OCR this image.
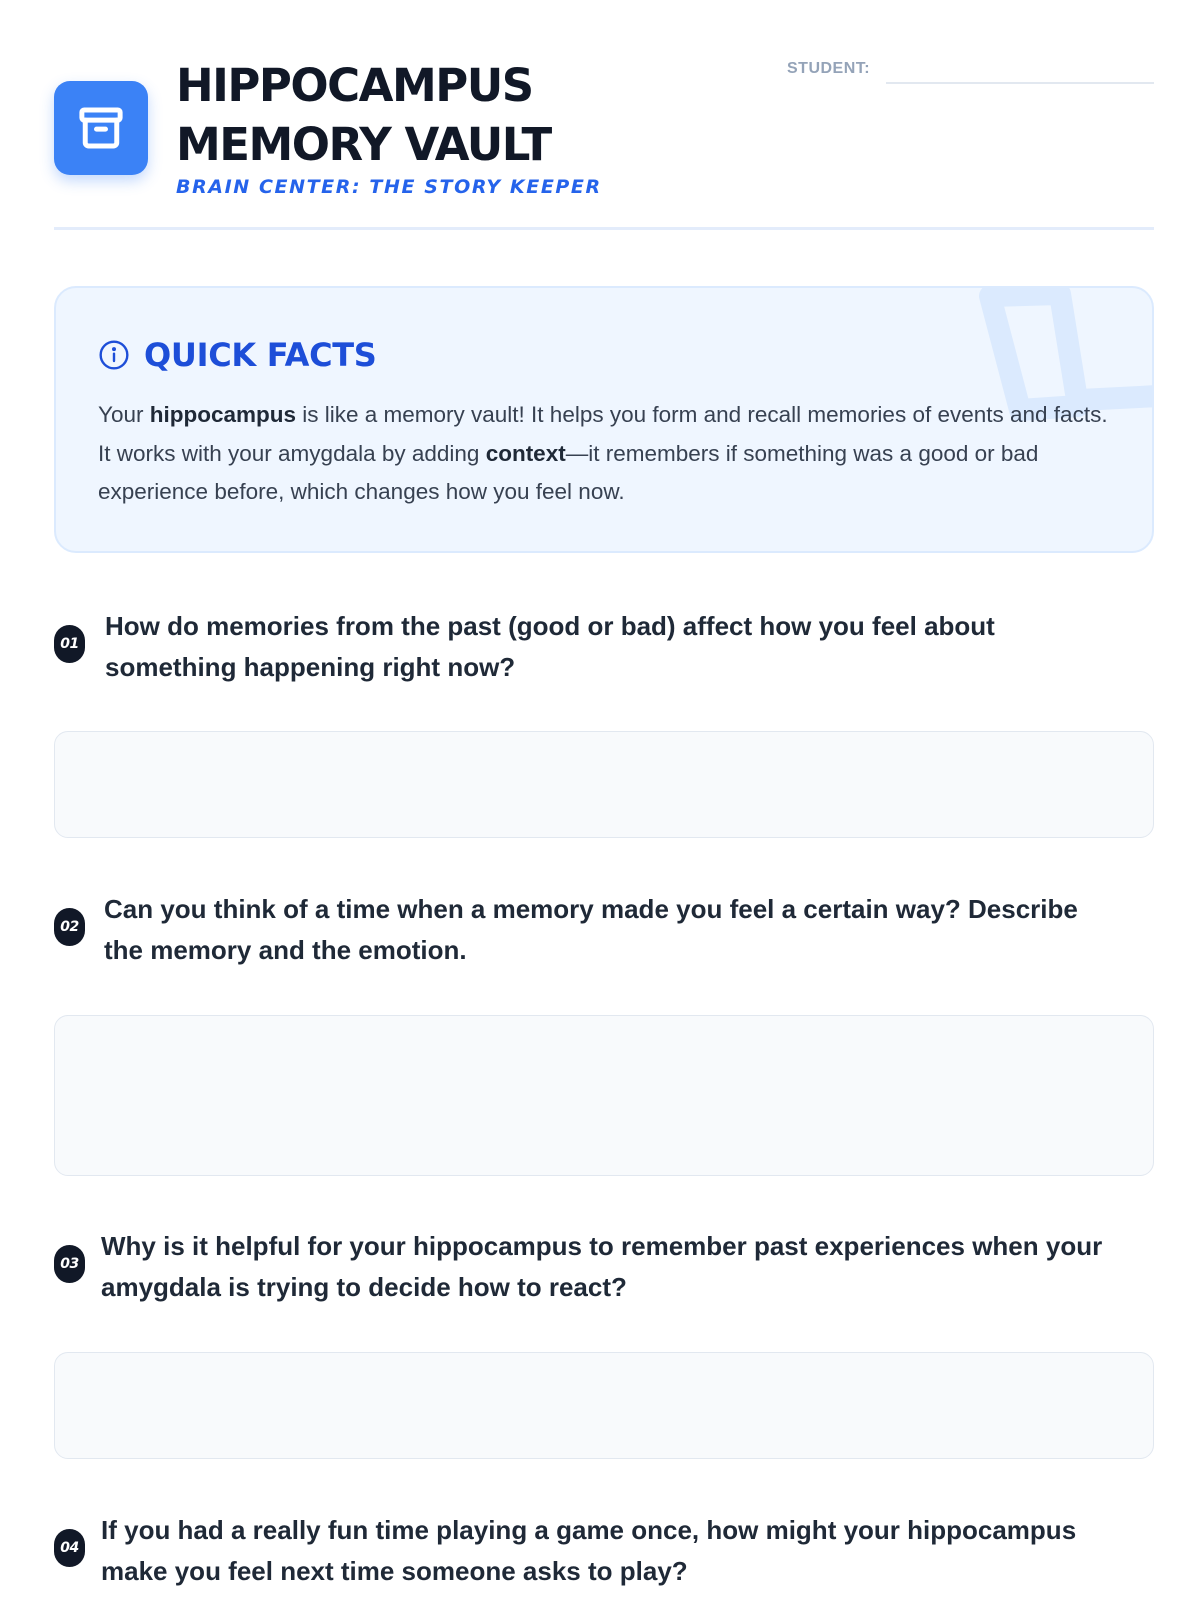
HIPPOCAMPUS
MEMORY VAULT
BRAIN CENTER: THE STORY KEEPER
STUDENT:
QUICK FACTS

Your hippocampus is like a memory vault! It helps you form and recall memories of events and facts. It works with your amygdala by adding context—it remembers if something was a good or bad experience before, which changes how you feel now.

01
How do memories from the past (good or bad) affect how you feel about something happening right now?
02
Can you think of a time when a memory made you feel a certain way? Describe the memory and the emotion.
03
Why is it helpful for your hippocampus to remember past experiences when your amygdala is trying to decide how to react?
04
If you had a really fun time playing a game once, how might your hippocampus make you feel next time someone asks to play?
